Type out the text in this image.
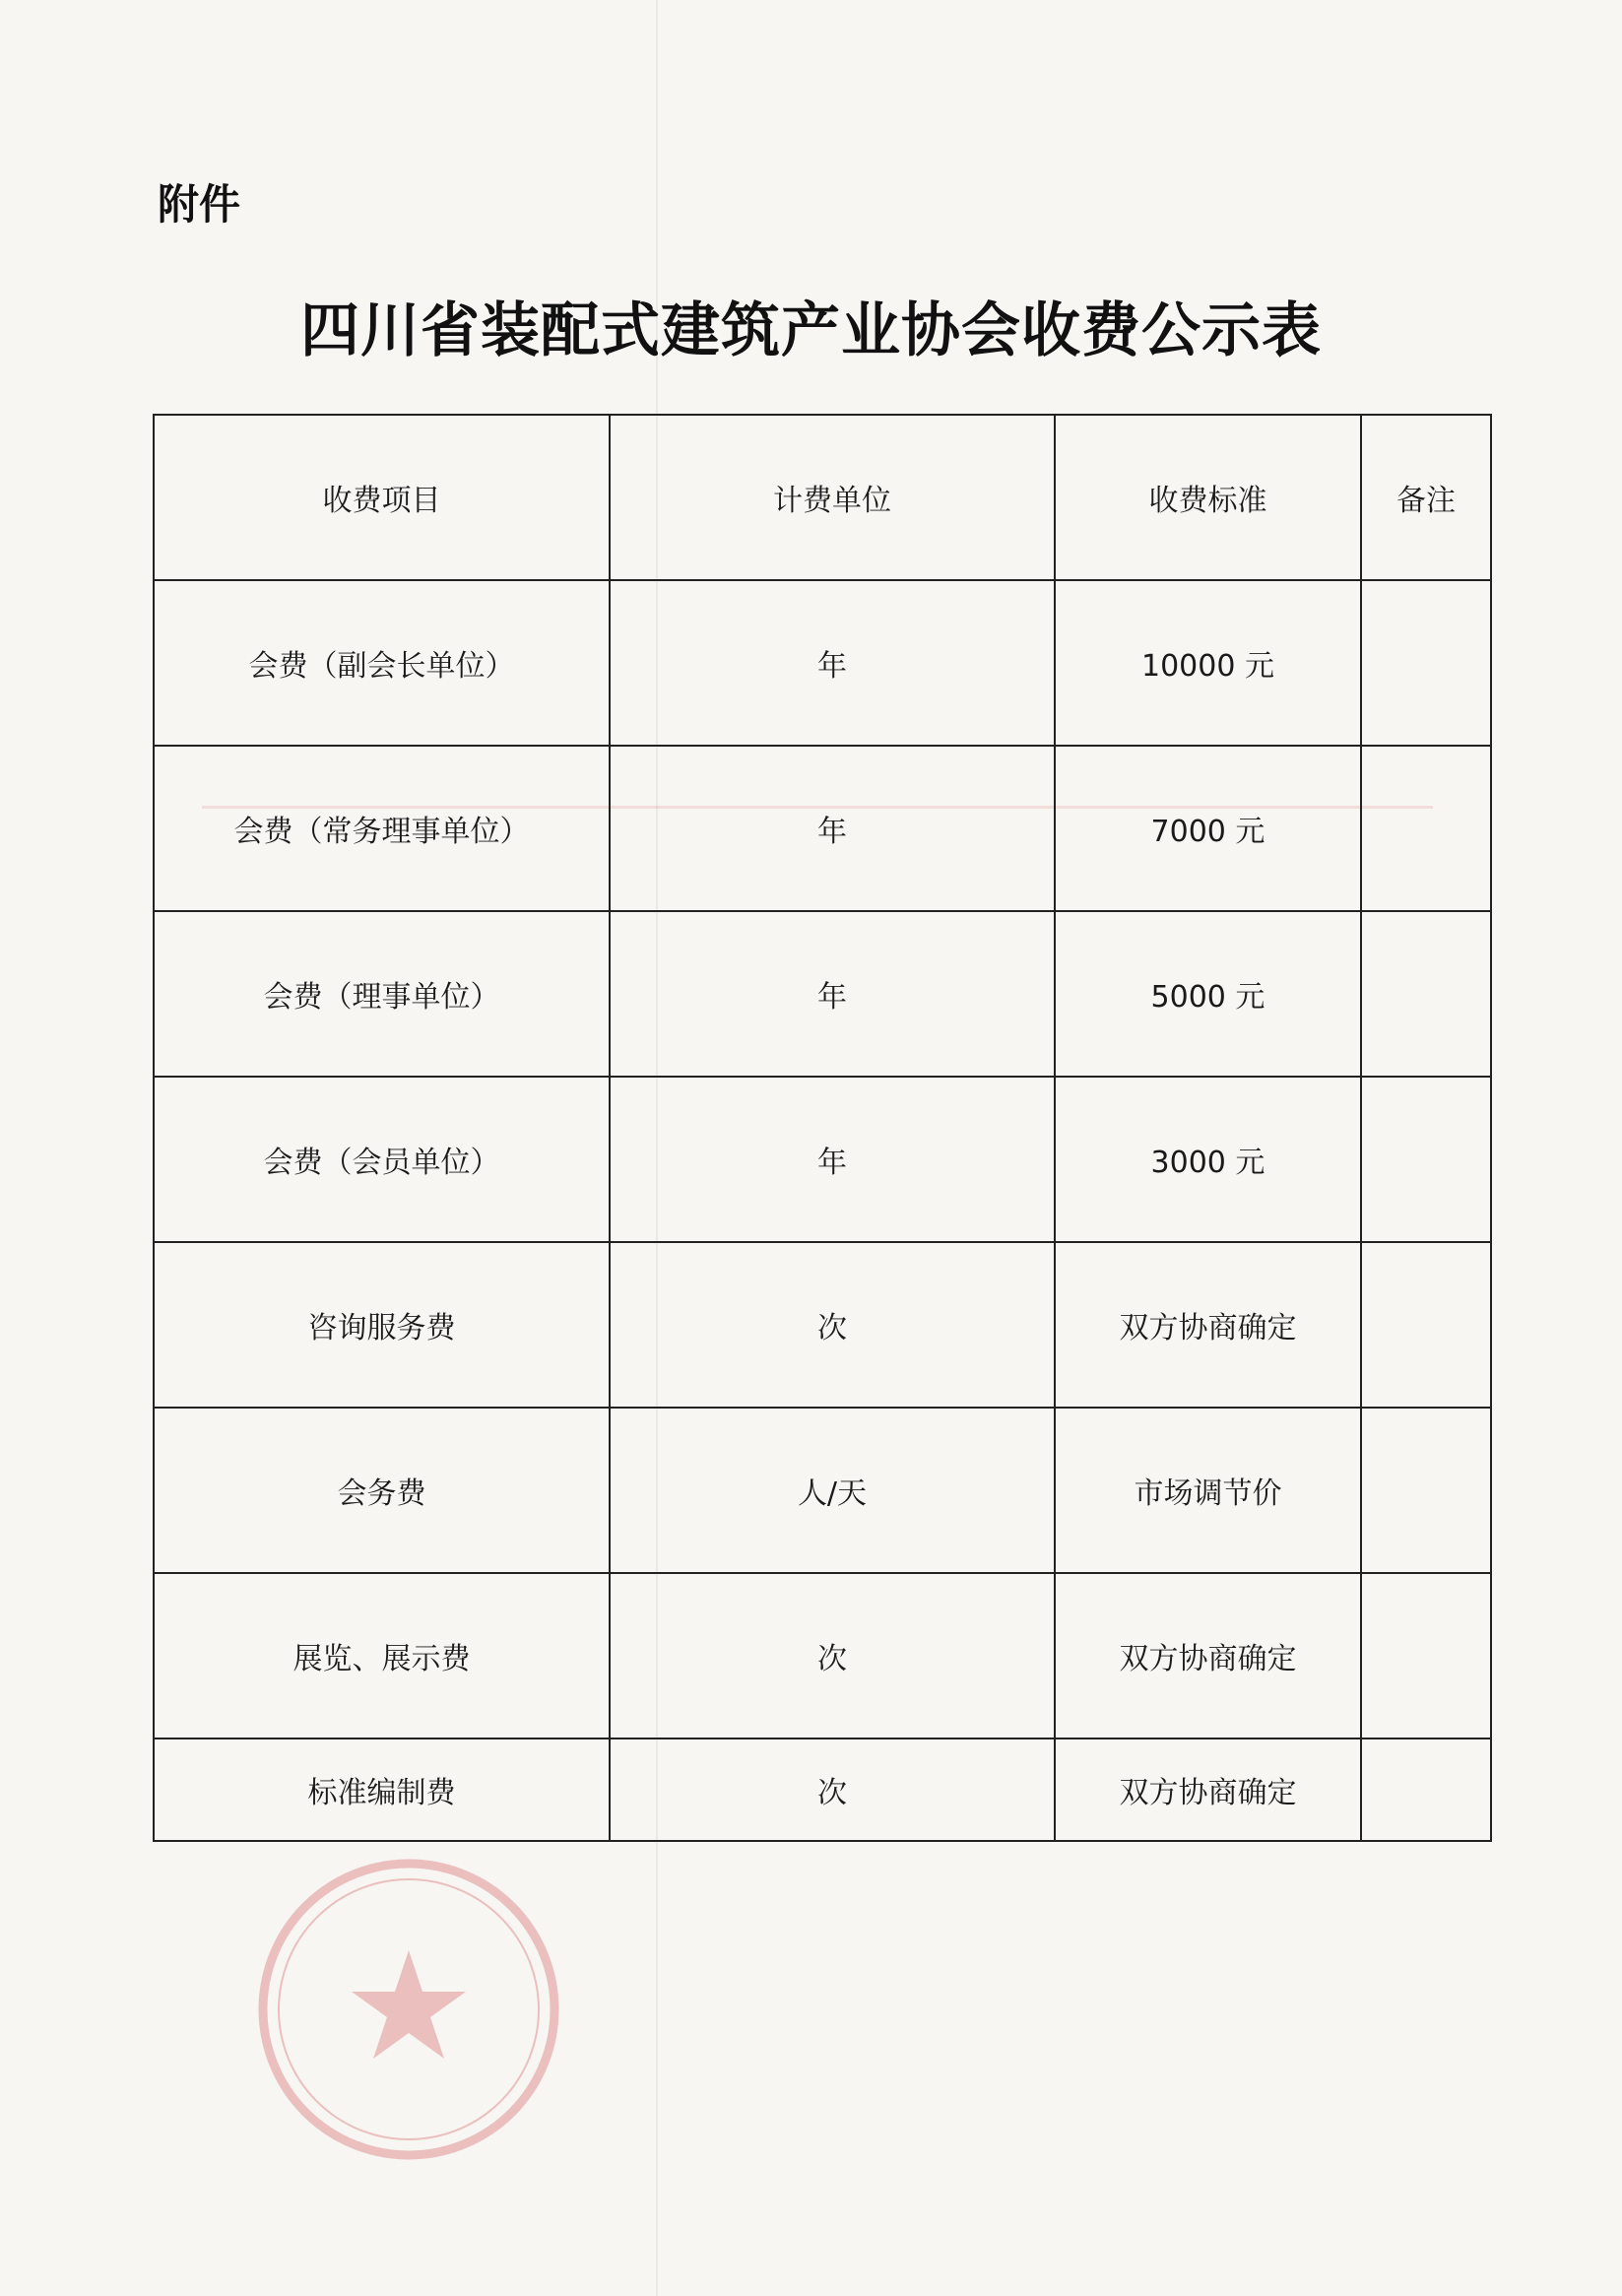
附件
四川省装配式建筑产业协会收费公示表
收费项目	计费单位	收费标准	备注
会费（副会长单位）	年	10000 元	
会费（常务理事单位）	年	7000 元	
会费（理事单位）	年	5000 元	
会费（会员单位）	年	3000 元	
咨询服务费	次	双方协商确定	
会务费	人/天	市场调节价	
展览、展示费	次	双方协商确定	
标准编制费	次	双方协商确定	
